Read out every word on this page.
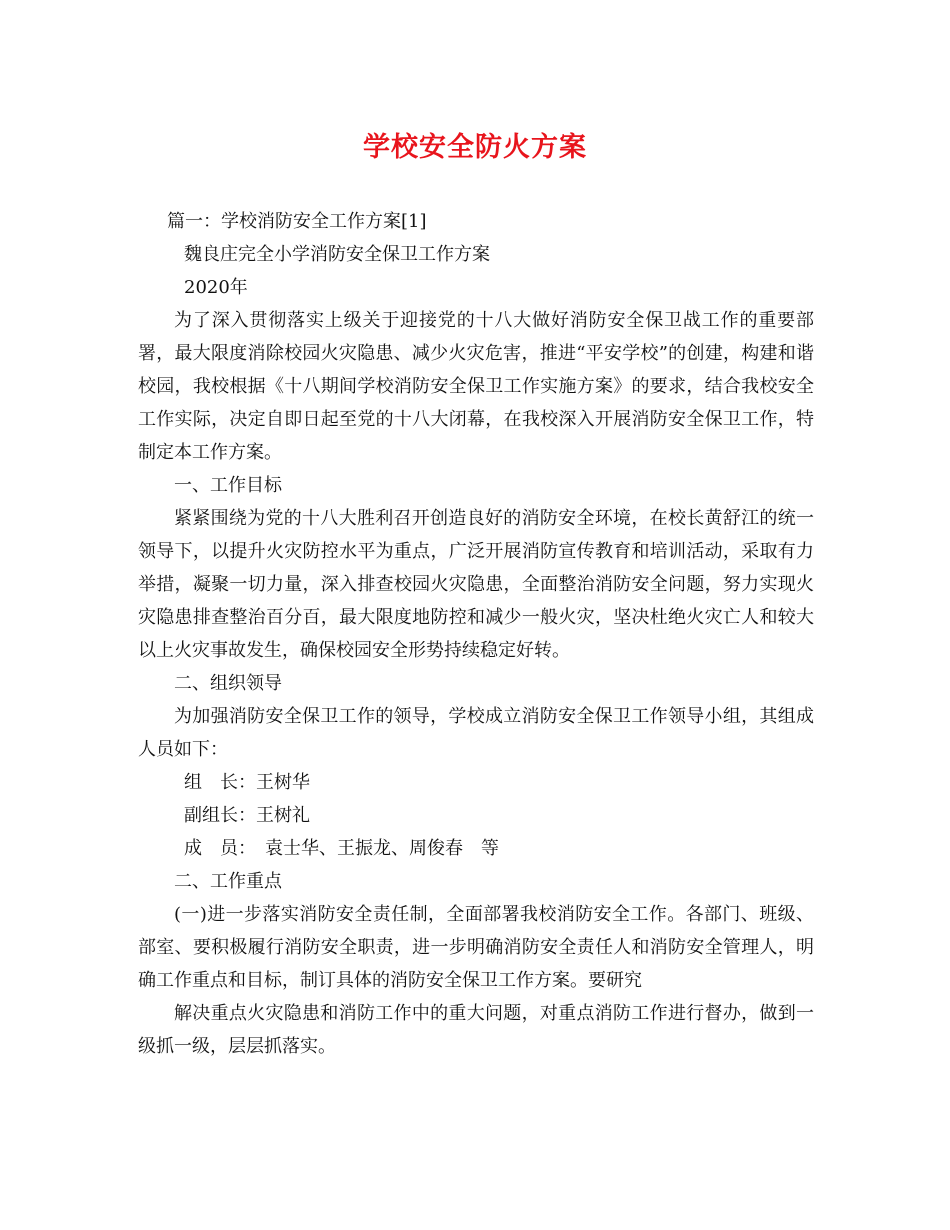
学校安全防火方案

篇一：学校消防安全工作方案[1]

魏良庄完全小学消防安全保卫工作方案

2020年

为了深入贯彻落实上级关于迎接党的十八大做好消防安全保卫战工作的重要部署，最大限度消除校园火灾隐患、减少火灾危害，推进“平安学校”的创建，构建和谐校园，我校根据《十八期间学校消防安全保卫工作实施方案》的要求，结合我校安全工作实际，决定自即日起至党的十八大闭幕，在我校深入开展消防安全保卫工作，特制定本工作方案。

一、工作目标

紧紧围绕为党的十八大胜利召开创造良好的消防安全环境，在校长黄舒江的统一领导下，以提升火灾防控水平为重点，广泛开展消防宣传教育和培训活动，采取有力举措，凝聚一切力量，深入排查校园火灾隐患，全面整治消防安全问题，努力实现火灾隐患排查整治百分百，最大限度地防控和减少一般火灾，坚决杜绝火灾亡人和较大以上火灾事故发生，确保校园安全形势持续稳定好转。

二、组织领导

为加强消防安全保卫工作的领导，学校成立消防安全保卫工作领导小组，其组成人员如下：

组　长：王树华

副组长：王树礼

成　员：　袁士华、王振龙、周俊春　等

二、工作重点

(一)进一步落实消防安全责任制，全面部署我校消防安全工作。各部门、班级、部室、要积极履行消防安全职责，进一步明确消防安全责任人和消防安全管理人，明确工作重点和目标，制订具体的消防安全保卫工作方案。要研究

解决重点火灾隐患和消防工作中的重大问题，对重点消防工作进行督办，做到一级抓一级，层层抓落实。
